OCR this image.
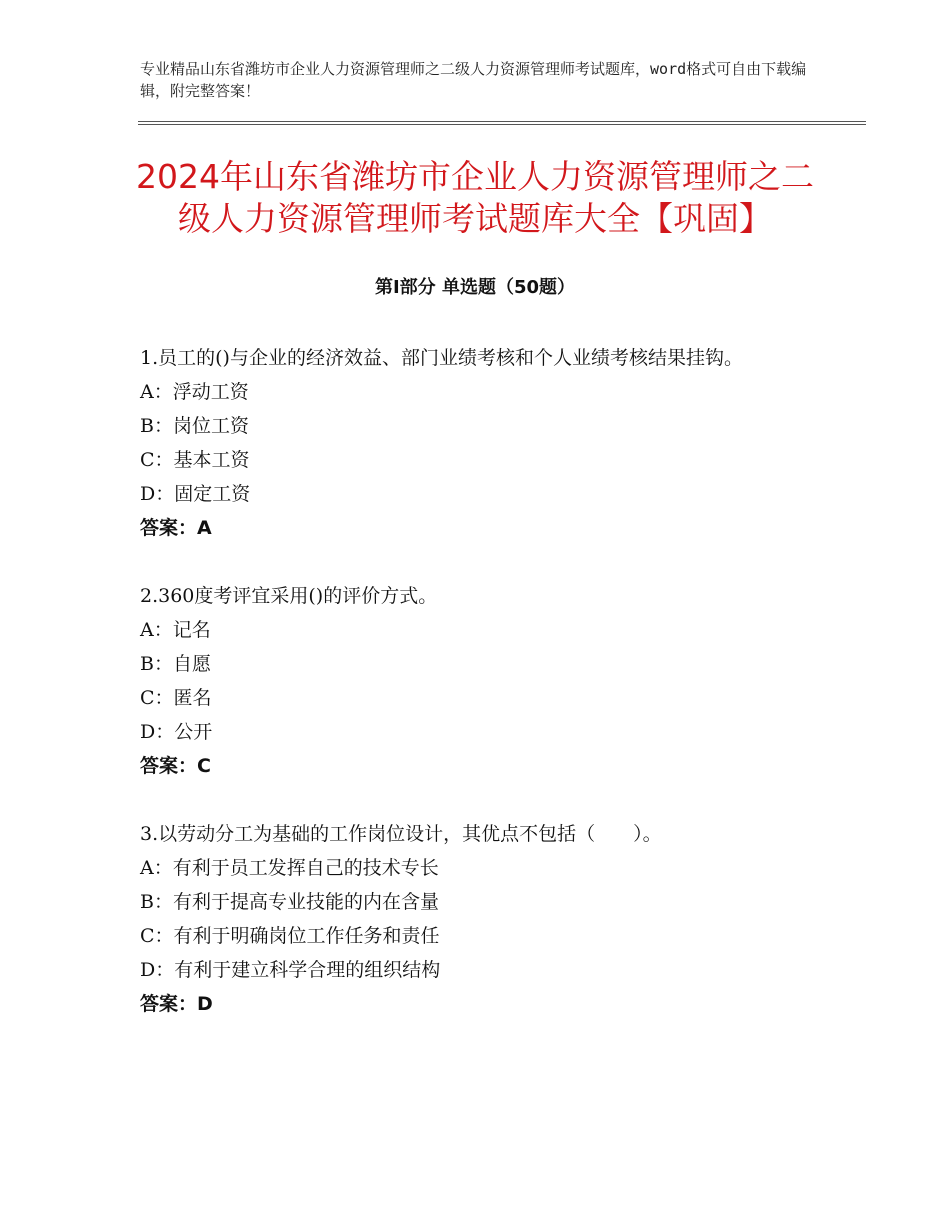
专业精品山东省潍坊市企业人力资源管理师之二级人力资源管理师考试题库，word格式可自由下载编辑，附完整答案！
2024年山东省潍坊市企业人力资源管理师之二级人力资源管理师考试题库大全【巩固】
第I部分 单选题（50题）

1.员工的()与企业的经济效益、部门业绩考核和个人业绩考核结果挂钩。

A：浮动工资

B：岗位工资

C：基本工资

D：固定工资

答案：A

2.360度考评宜采用()的评价方式。

A：记名

B：自愿

C：匿名

D：公开

答案：C

3.以劳动分工为基础的工作岗位设计，其优点不包括（　　）。

A：有利于员工发挥自己的技术专长

B：有利于提高专业技能的内在含量

C：有利于明确岗位工作任务和责任

D：有利于建立科学合理的组织结构

答案：D
